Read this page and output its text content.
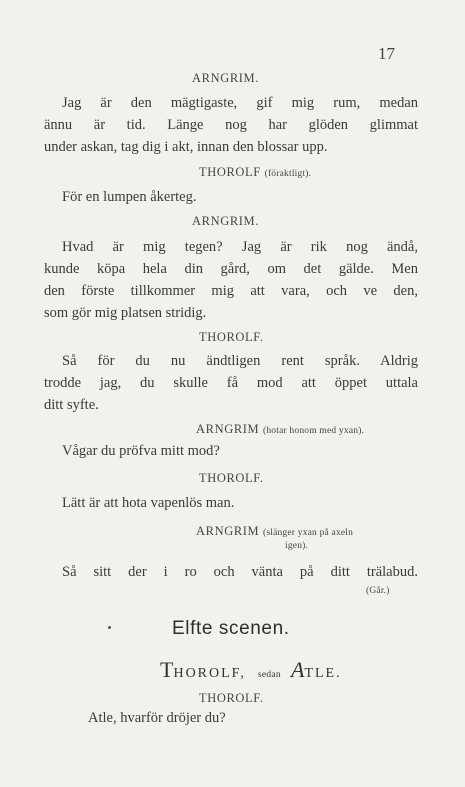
17
ARNGRIM.
Jag är den mägtigaste, gif mig rum, medan
ännu är tid. Länge nog har glöden glimmat
under askan, tag dig i akt, innan den blossar upp.
THOROLF (föraktligt).
För en lumpen åkerteg.
ARNGRIM.
Hvad är mig tegen? Jag är rik nog ändå,
kunde köpa hela din gård, om det gälde. Men
den förste tillkommer mig att vara, och ve den,
som gör mig platsen stridig.
THOROLF.
Så för du nu ändtligen rent språk. Aldrig
trodde jag, du skulle få mod att öppet uttala
ditt syfte.
ARNGRIM (hotar honom med yxan).
Vågar du pröfva mitt mod?
THOROLF.
Lätt är att hota vapenlös man.
ARNGRIM (slänger yxan på axeln
igen).
Så sitt der i ro och vänta på ditt trälabud.
(Går.)
Elfte scenen.
THOROLF, sedan ATLE.
THOROLF.
Atle, hvarför dröjer du?
